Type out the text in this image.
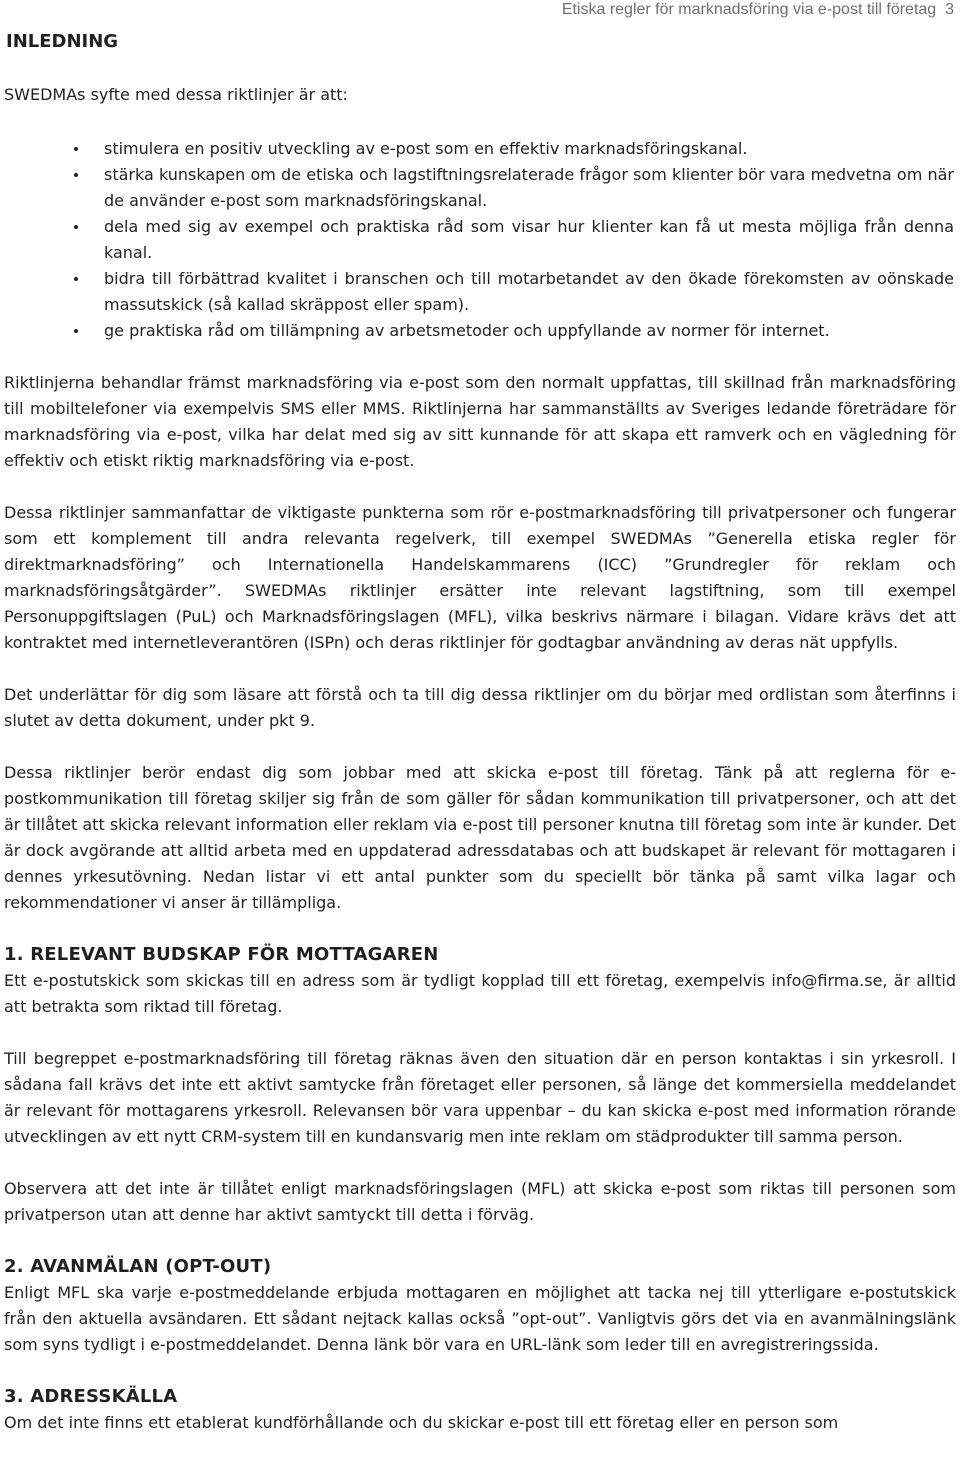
Etiska regler för marknadsföring via e-post till företag 3
INLEDNING

SWEDMAs syfte med dessa riktlinjer är att:

stimulera en positiv utveckling av e-post som en effektiv marknadsföringskanal.
stärka kunskapen om de etiska och lagstiftningsrelaterade frågor som klienter bör vara medvetna om när de använder e-post som marknadsföringskanal.
dela med sig av exempel och praktiska råd som visar hur klienter kan få ut mesta möjliga från denna kanal.
bidra till förbättrad kvalitet i branschen och till motarbetandet av den ökade förekomsten av oönskade massutskick (så kallad skräppost eller spam).
ge praktiska råd om tillämpning av arbetsmetoder och uppfyllande av normer för internet.

Riktlinjerna behandlar främst marknadsföring via e-post som den normalt uppfattas, till skillnad från marknadsföring till mobiltelefoner via exempelvis SMS eller MMS. Riktlinjerna har sammanställts av Sveriges ledande företrädare för marknadsföring via e-post, vilka har delat med sig av sitt kunnande för att skapa ett ramverk och en vägledning för effektiv och etiskt riktig marknadsföring via e-post.

Dessa riktlinjer sammanfattar de viktigaste punkterna som rör e-postmarknadsföring till privatpersoner och fungerar som ett komplement till andra relevanta regelverk, till exempel SWEDMAs ”Generella etiska regler för direktmarknadsföring” och Internationella Handelskammarens (ICC) ”Grundregler för reklam och marknadsföringsåtgärder”. SWEDMAs riktlinjer ersätter inte relevant lagstiftning, som till exempel Personuppgiftslagen (PuL) och Marknadsföringslagen (MFL), vilka beskrivs närmare i bilagan. Vidare krävs det att kontraktet med internetleverantören (ISPn) och deras riktlinjer för godtagbar användning av deras nät uppfylls.

Det underlättar för dig som läsare att förstå och ta till dig dessa riktlinjer om du börjar med ordlistan som återfinns i slutet av detta dokument, under pkt 9.

Dessa riktlinjer berör endast dig som jobbar med att skicka e-post till företag. Tänk på att reglerna för e-postkommunikation till företag skiljer sig från de som gäller för sådan kommunikation till privatpersoner, och att det är tillåtet att skicka relevant information eller reklam via e-post till personer knutna till företag som inte är kunder. Det är dock avgörande att alltid arbeta med en uppdaterad adressdatabas och att budskapet är relevant för mottagaren i dennes yrkesutövning. Nedan listar vi ett antal punkter som du speciellt bör tänka på samt vilka lagar och rekommendationer vi anser är tillämpliga.

1. RELEVANT BUDSKAP FÖR MOTTAGAREN

Ett e-postutskick som skickas till en adress som är tydligt kopplad till ett företag, exempelvis info@firma.se, är alltid att betrakta som riktad till företag.

Till begreppet e-postmarknadsföring till företag räknas även den situation där en person kontaktas i sin yrkesroll. I sådana fall krävs det inte ett aktivt samtycke från företaget eller personen, så länge det kommersiella meddelandet är relevant för mottagarens yrkesroll. Relevansen bör vara uppenbar – du kan skicka e-post med information rörande utvecklingen av ett nytt CRM-system till en kundansvarig men inte reklam om städprodukter till samma person.

Observera att det inte är tillåtet enligt marknadsföringslagen (MFL) att skicka e-post som riktas till personen som privatperson utan att denne har aktivt samtyckt till detta i förväg.

2. AVANMÄLAN (OPT-OUT)

Enligt MFL ska varje e-postmeddelande erbjuda mottagaren en möjlighet att tacka nej till ytterligare e-postutskick från den aktuella avsändaren. Ett sådant nejtack kallas också ”opt-out”. Vanligtvis görs det via en avanmälningslänk som syns tydligt i e-postmeddelandet. Denna länk bör vara en URL-länk som leder till en avregistreringssida.

3. ADRESSKÄLLA

Om det inte finns ett etablerat kundförhållande och du skickar e-post till ett företag eller en person som
